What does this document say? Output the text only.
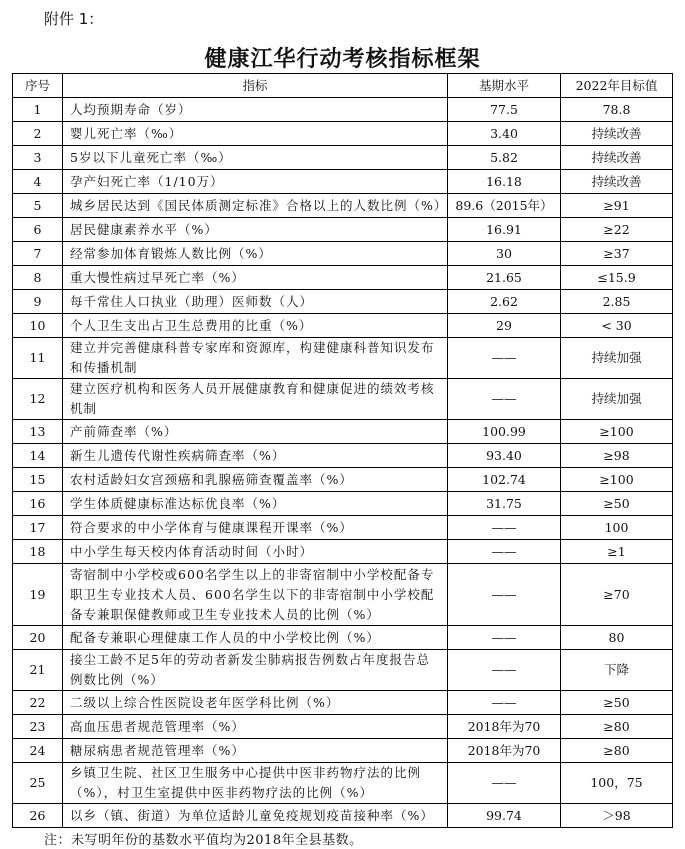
附件 1：
健康江华行动考核指标框架
序号	指标	基期水平	2022年目标值
1	人均预期寿命（岁）	77.5	78.8
2	婴儿死亡率（‰）	3.40	持续改善
3	5岁以下儿童死亡率（‰）	5.82	持续改善
4	孕产妇死亡率（1/10万）	16.18	持续改善
5	城乡居民达到《国民体质测定标准》合格以上的人数比例（%）	89.6（2015年）	≥91
6	居民健康素养水平（%）	16.91	≥22
7	经常参加体育锻炼人数比例（%）	30	≥37
8	重大慢性病过早死亡率（%）	21.65	≤15.9
9	每千常住人口执业（助理）医师数（人）	2.62	2.85
10	个人卫生支出占卫生总费用的比重（%）	29	< 30
11	建立并完善健康科普专家库和资源库，构建健康科普知识发布和传播机制	——	持续加强
12	建立医疗机构和医务人员开展健康教育和健康促进的绩效考核机制	——	持续加强
13	产前筛查率（%）	100.99	≥100
14	新生儿遗传代谢性疾病筛查率（%）	93.40	≥98
15	农村适龄妇女宫颈癌和乳腺癌筛查覆盖率（%）	102.74	≥100
16	学生体质健康标准达标优良率（%）	31.75	≥50
17	符合要求的中小学体育与健康课程开课率（%）	——	100
18	中小学生每天校内体育活动时间（小时）	——	≥1
19	寄宿制中小学校或600名学生以上的非寄宿制中小学校配备专职卫生专业技术人员、600名学生以下的非寄宿制中小学校配备专兼职保健教师或卫生专业技术人员的比例（%）	——	≥70
20	配备专兼职心理健康工作人员的中小学校比例（%）	——	80
21	接尘工龄不足5年的劳动者新发尘肺病报告例数占年度报告总例数比例（%）	——	下降
22	二级以上综合性医院设老年医学科比例（%）	——	≥50
23	高血压患者规范管理率（%）	2018年为70	≥80
24	糖尿病患者规范管理率（%）	2018年为70	≥80
25	乡镇卫生院、社区卫生服务中心提供中医非药物疗法的比例（%），村卫生室提供中医非药物疗法的比例（%）	——	100，75
26	以乡（镇、街道）为单位适龄儿童免疫规划疫苗接种率（%）	99.74	＞98
注：未写明年份的基数水平值均为2018年全县基数。
